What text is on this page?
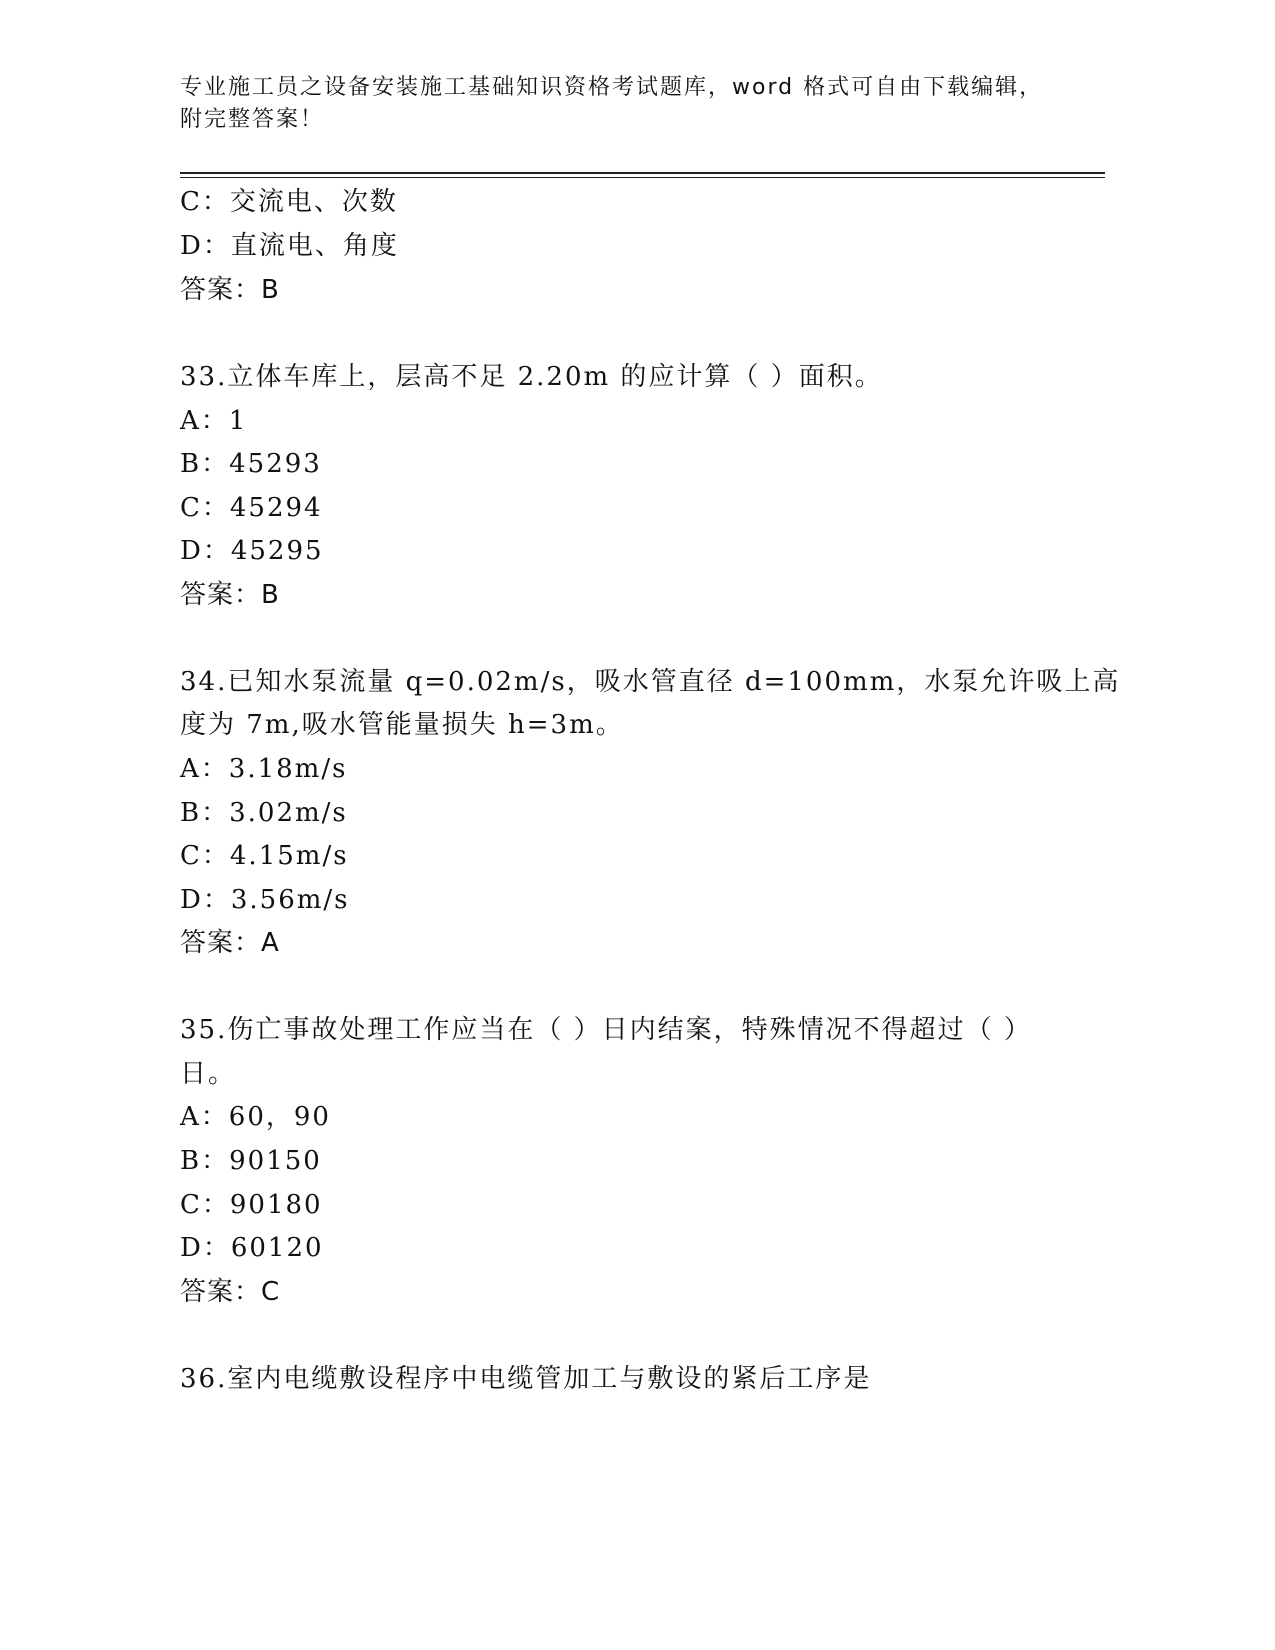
专业施工员之设备安装施工基础知识资格考试题库，word 格式可自由下载编辑，
附完整答案！
C：交流电、次数
D：直流电、角度
答案：B
33.立体车库上，层高不足 2.20m 的应计算（ ）面积。
A：1
B：45293
C：45294
D：45295
答案：B
34.已知水泵流量 q=0.02m/s，吸水管直径 d=100mm，水泵允许吸上高
度为 7m,吸水管能量损失 h=3m。
A：3.18m/s
B：3.02m/s
C：4.15m/s
D：3.56m/s
答案：A
35.伤亡事故处理工作应当在（ ）日内结案，特殊情况不得超过（ ）
日。
A：60，90
B：90150
C：90180
D：60120
答案：C
36.室内电缆敷设程序中电缆管加工与敷设的紧后工序是
